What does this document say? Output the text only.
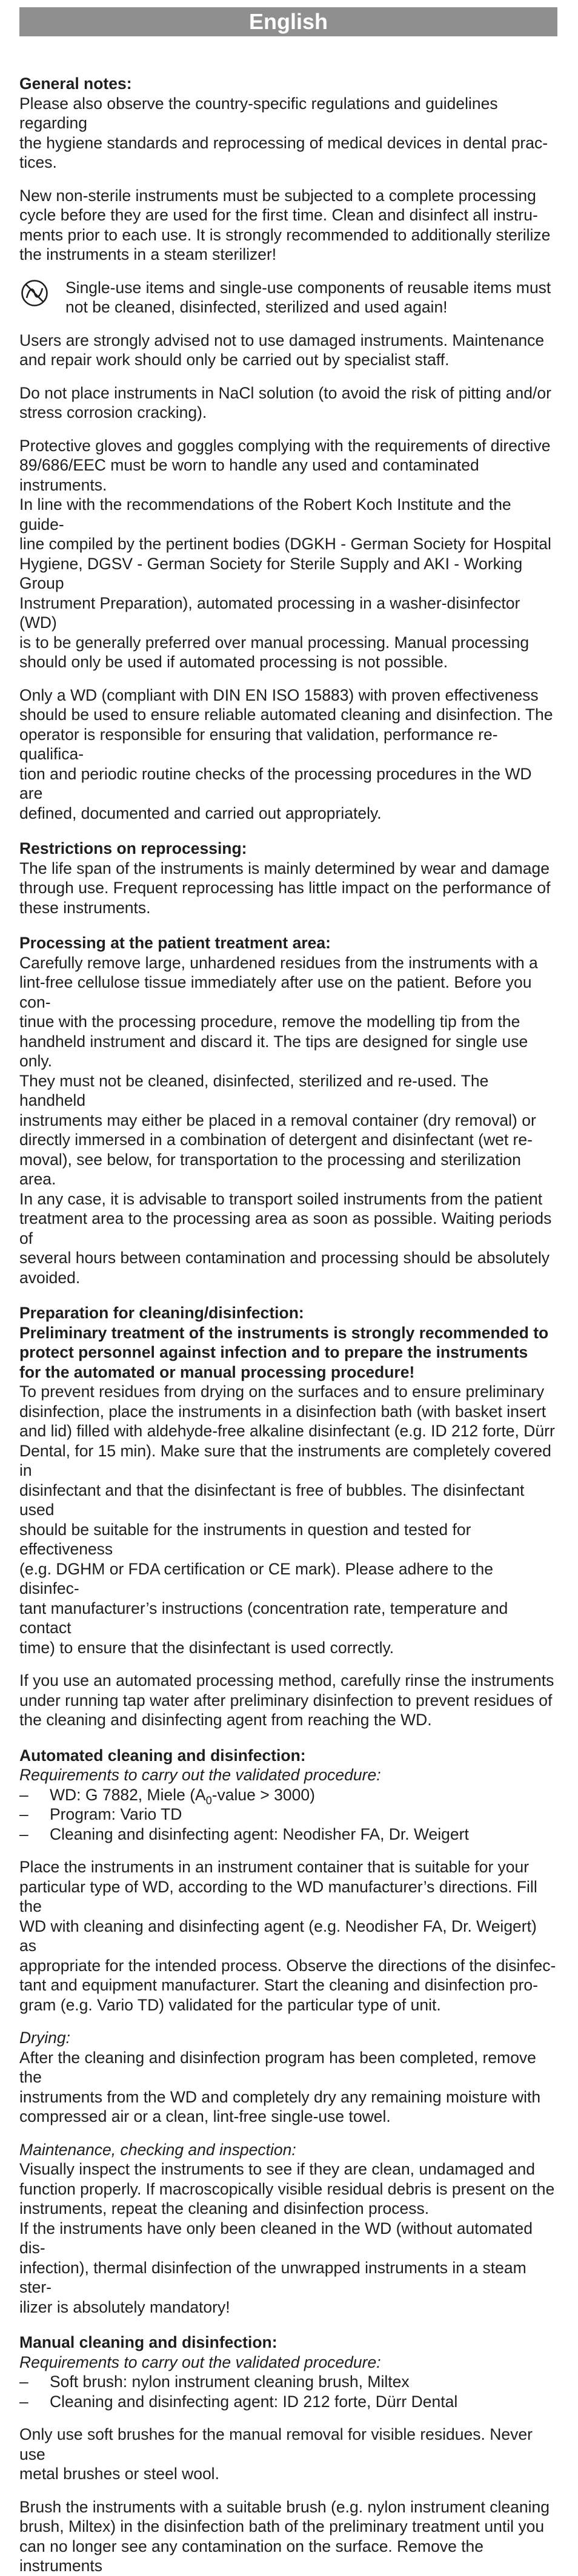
English
General notes:

Please also observe the country-specific regulations and guidelines regarding
the hygiene standards and reprocessing of medical devices in dental prac-
tices.

New non-sterile instruments must be subjected to a complete processing
cycle before they are used for the first time. Clean and disinfect all instru-
ments prior to each use. It is strongly recommended to additionally sterilize
the instruments in a steam sterilizer!

Single-use items and single-use components of reusable items must
not be cleaned, disinfected, sterilized and used again!

Users are strongly advised not to use damaged instruments. Maintenance
and repair work should only be carried out by specialist staff.

Do not place instruments in NaCl solution (to avoid the risk of pitting and/or
stress corrosion cracking).

Protective gloves and goggles complying with the requirements of directive
89/686/EEC must be worn to handle any used and contaminated instruments.
In line with the recommendations of the Robert Koch Institute and the guide-
line compiled by the pertinent bodies (DGKH - German Society for Hospital
Hygiene, DGSV - German Society for Sterile Supply and AKI - Working Group
Instrument Preparation), automated processing in a washer-disinfector (WD)
is to be generally preferred over manual processing. Manual processing
should only be used if automated processing is not possible.

Only a WD (compliant with DIN EN ISO 15883) with proven effectiveness
should be used to ensure reliable automated cleaning and disinfection. The
operator is responsible for ensuring that validation, performance re-qualifica-
tion and periodic routine checks of the processing procedures in the WD are
defined, documented and carried out appropriately.

Restrictions on reprocessing:

The life span of the instruments is mainly determined by wear and damage
through use. Frequent reprocessing has little impact on the performance of
these instruments.

Processing at the patient treatment area:

Carefully remove large, unhardened residues from the instruments with a
lint-free cellulose tissue immediately after use on the patient. Before you con-
tinue with the processing procedure, remove the modelling tip from the
handheld instrument and discard it. The tips are designed for single use only.
They must not be cleaned, disinfected, sterilized and re-used. The handheld
instruments may either be placed in a removal container (dry removal) or
directly immersed in a combination of detergent and disinfectant (wet re-
moval), see below, for transportation to the processing and sterilization area.
In any case, it is advisable to transport soiled instruments from the patient
treatment area to the processing area as soon as possible. Waiting periods of
several hours between contamination and processing should be absolutely
avoided.

Preparation for cleaning/disinfection:

Preliminary treatment of the instruments is strongly recommended to
protect personnel against infection and to prepare the instruments
for the automated or manual processing procedure!

To prevent residues from drying on the surfaces and to ensure preliminary
disinfection, place the instruments in a disinfection bath (with basket insert
and lid) filled with aldehyde-free alkaline disinfectant (e.g. ID 212 forte, Dürr
Dental, for 15 min). Make sure that the instruments are completely covered in
disinfectant and that the disinfectant is free of bubbles. The disinfectant used
should be suitable for the instruments in question and tested for effectiveness
(e.g. DGHM or FDA certification or CE mark). Please adhere to the disinfec-
tant manufacturer’s instructions (concentration rate, temperature and contact
time) to ensure that the disinfectant is used correctly.

If you use an automated processing method, carefully rinse the instruments
under running tap water after preliminary disinfection to prevent residues of
the cleaning and disinfecting agent from reaching the WD.

Automated cleaning and disinfection:
Requirements to carry out the validated procedure:
–	WD: G 7882, Miele ($A_0$-value > 3000)
–	Program: Vario TD
–	Cleaning and disinfecting agent: Neodisher FA, Dr. Weigert

Place the instruments in an instrument container that is suitable for your
particular type of WD, according to the WD manufacturer’s directions. Fill the
WD with cleaning and disinfecting agent (e.g. Neodisher FA, Dr. Weigert) as
appropriate for the intended process. Observe the directions of the disinfec-
tant and equipment manufacturer. Start the cleaning and disinfection pro-
gram (e.g. Vario TD) validated for the particular type of unit.

Drying:

After the cleaning and disinfection program has been completed, remove the
instruments from the WD and completely dry any remaining moisture with
compressed air or a clean, lint-free single-use towel.

Maintenance, checking and inspection:

Visually inspect the instruments to see if they are clean, undamaged and
function properly. If macroscopically visible residual debris is present on the
instruments, repeat the cleaning and disinfection process.
If the instruments have only been cleaned in the WD (without automated dis-
infection), thermal disinfection of the unwrapped instruments in a steam ster-
ilizer is absolutely mandatory!

Manual cleaning and disinfection:
Requirements to carry out the validated procedure:
–	Soft brush: nylon instrument cleaning brush, Miltex
–	Cleaning and disinfecting agent: ID 212 forte, Dürr Dental

Only use soft brushes for the manual removal for visible residues. Never use
metal brushes or steel wool.

Brush the instruments with a suitable brush (e.g. nylon instrument cleaning
brush, Miltex) in the disinfection bath of the preliminary treatment until you
can no longer see any contamination on the surface. Remove the instruments
